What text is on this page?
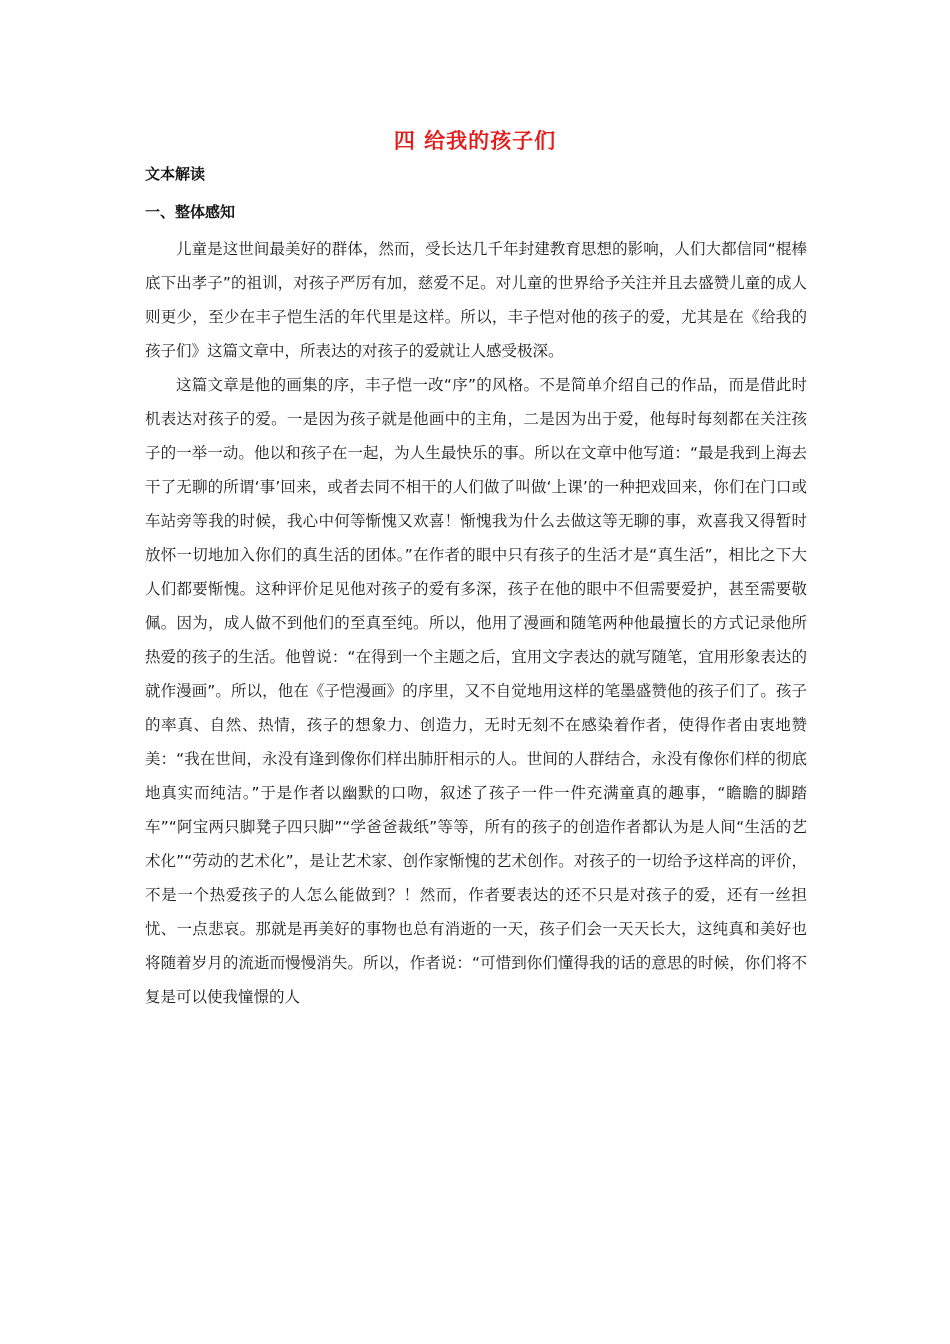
四 给我的孩子们
文本解读
一、整体感知

儿童是这世间最美好的群体，然而，受长达几千年封建教育思想的影响，人们大都信同“棍棒底下出孝子”的祖训，对孩子严厉有加，慈爱不足。对儿童的世界给予关注并且去盛赞儿童的成人则更少，至少在丰子恺生活的年代里是这样。所以，丰子恺对他的孩子的爱，尤其是在《给我的孩子们》这篇文章中，所表达的对孩子的爱就让人感受极深。

这篇文章是他的画集的序，丰子恺一改“序”的风格。不是简单介绍自己的作品，而是借此时机表达对孩子的爱。一是因为孩子就是他画中的主角，二是因为出于爱，他每时每刻都在关注孩子的一举一动。他以和孩子在一起，为人生最快乐的事。所以在文章中他写道：“最是我到上海去干了无聊的所谓‘事’回来，或者去同不相干的人们做了叫做‘上课’的一种把戏回来，你们在门口或车站旁等我的时候，我心中何等惭愧又欢喜！惭愧我为什么去做这等无聊的事，欢喜我又得暂时放怀一切地加入你们的真生活的团体。”在作者的眼中只有孩子的生活才是“真生活”，相比之下大人们都要惭愧。这种评价足见他对孩子的爱有多深，孩子在他的眼中不但需要爱护，甚至需要敬佩。因为，成人做不到他们的至真至纯。所以，他用了漫画和随笔两种他最擅长的方式记录他所热爱的孩子的生活。他曾说：“在得到一个主题之后，宜用文字表达的就写随笔，宜用形象表达的就作漫画”。所以，他在《子恺漫画》的序里，又不自觉地用这样的笔墨盛赞他的孩子们了。孩子的率真、自然、热情，孩子的想象力、创造力，无时无刻不在感染着作者，使得作者由衷地赞美：“我在世间，永没有逢到像你们样出肺肝相示的人。世间的人群结合，永没有像你们样的彻底地真实而纯洁。”于是作者以幽默的口吻，叙述了孩子一件一件充满童真的趣事，“瞻瞻的脚踏车”“阿宝两只脚凳子四只脚”“学爸爸裁纸”等等，所有的孩子的创造作者都认为是人间“生活的艺术化”“劳动的艺术化”，是让艺术家、创作家惭愧的艺术创作。对孩子的一切给予这样高的评价，不是一个热爱孩子的人怎么能做到？！然而，作者要表达的还不只是对孩子的爱，还有一丝担忧、一点悲哀。那就是再美好的事物也总有消逝的一天，孩子们会一天天长大，这纯真和美好也将随着岁月的流逝而慢慢消失。所以，作者说：“可惜到你们懂得我的话的意思的时候，你们将不复是可以使我憧憬的人
